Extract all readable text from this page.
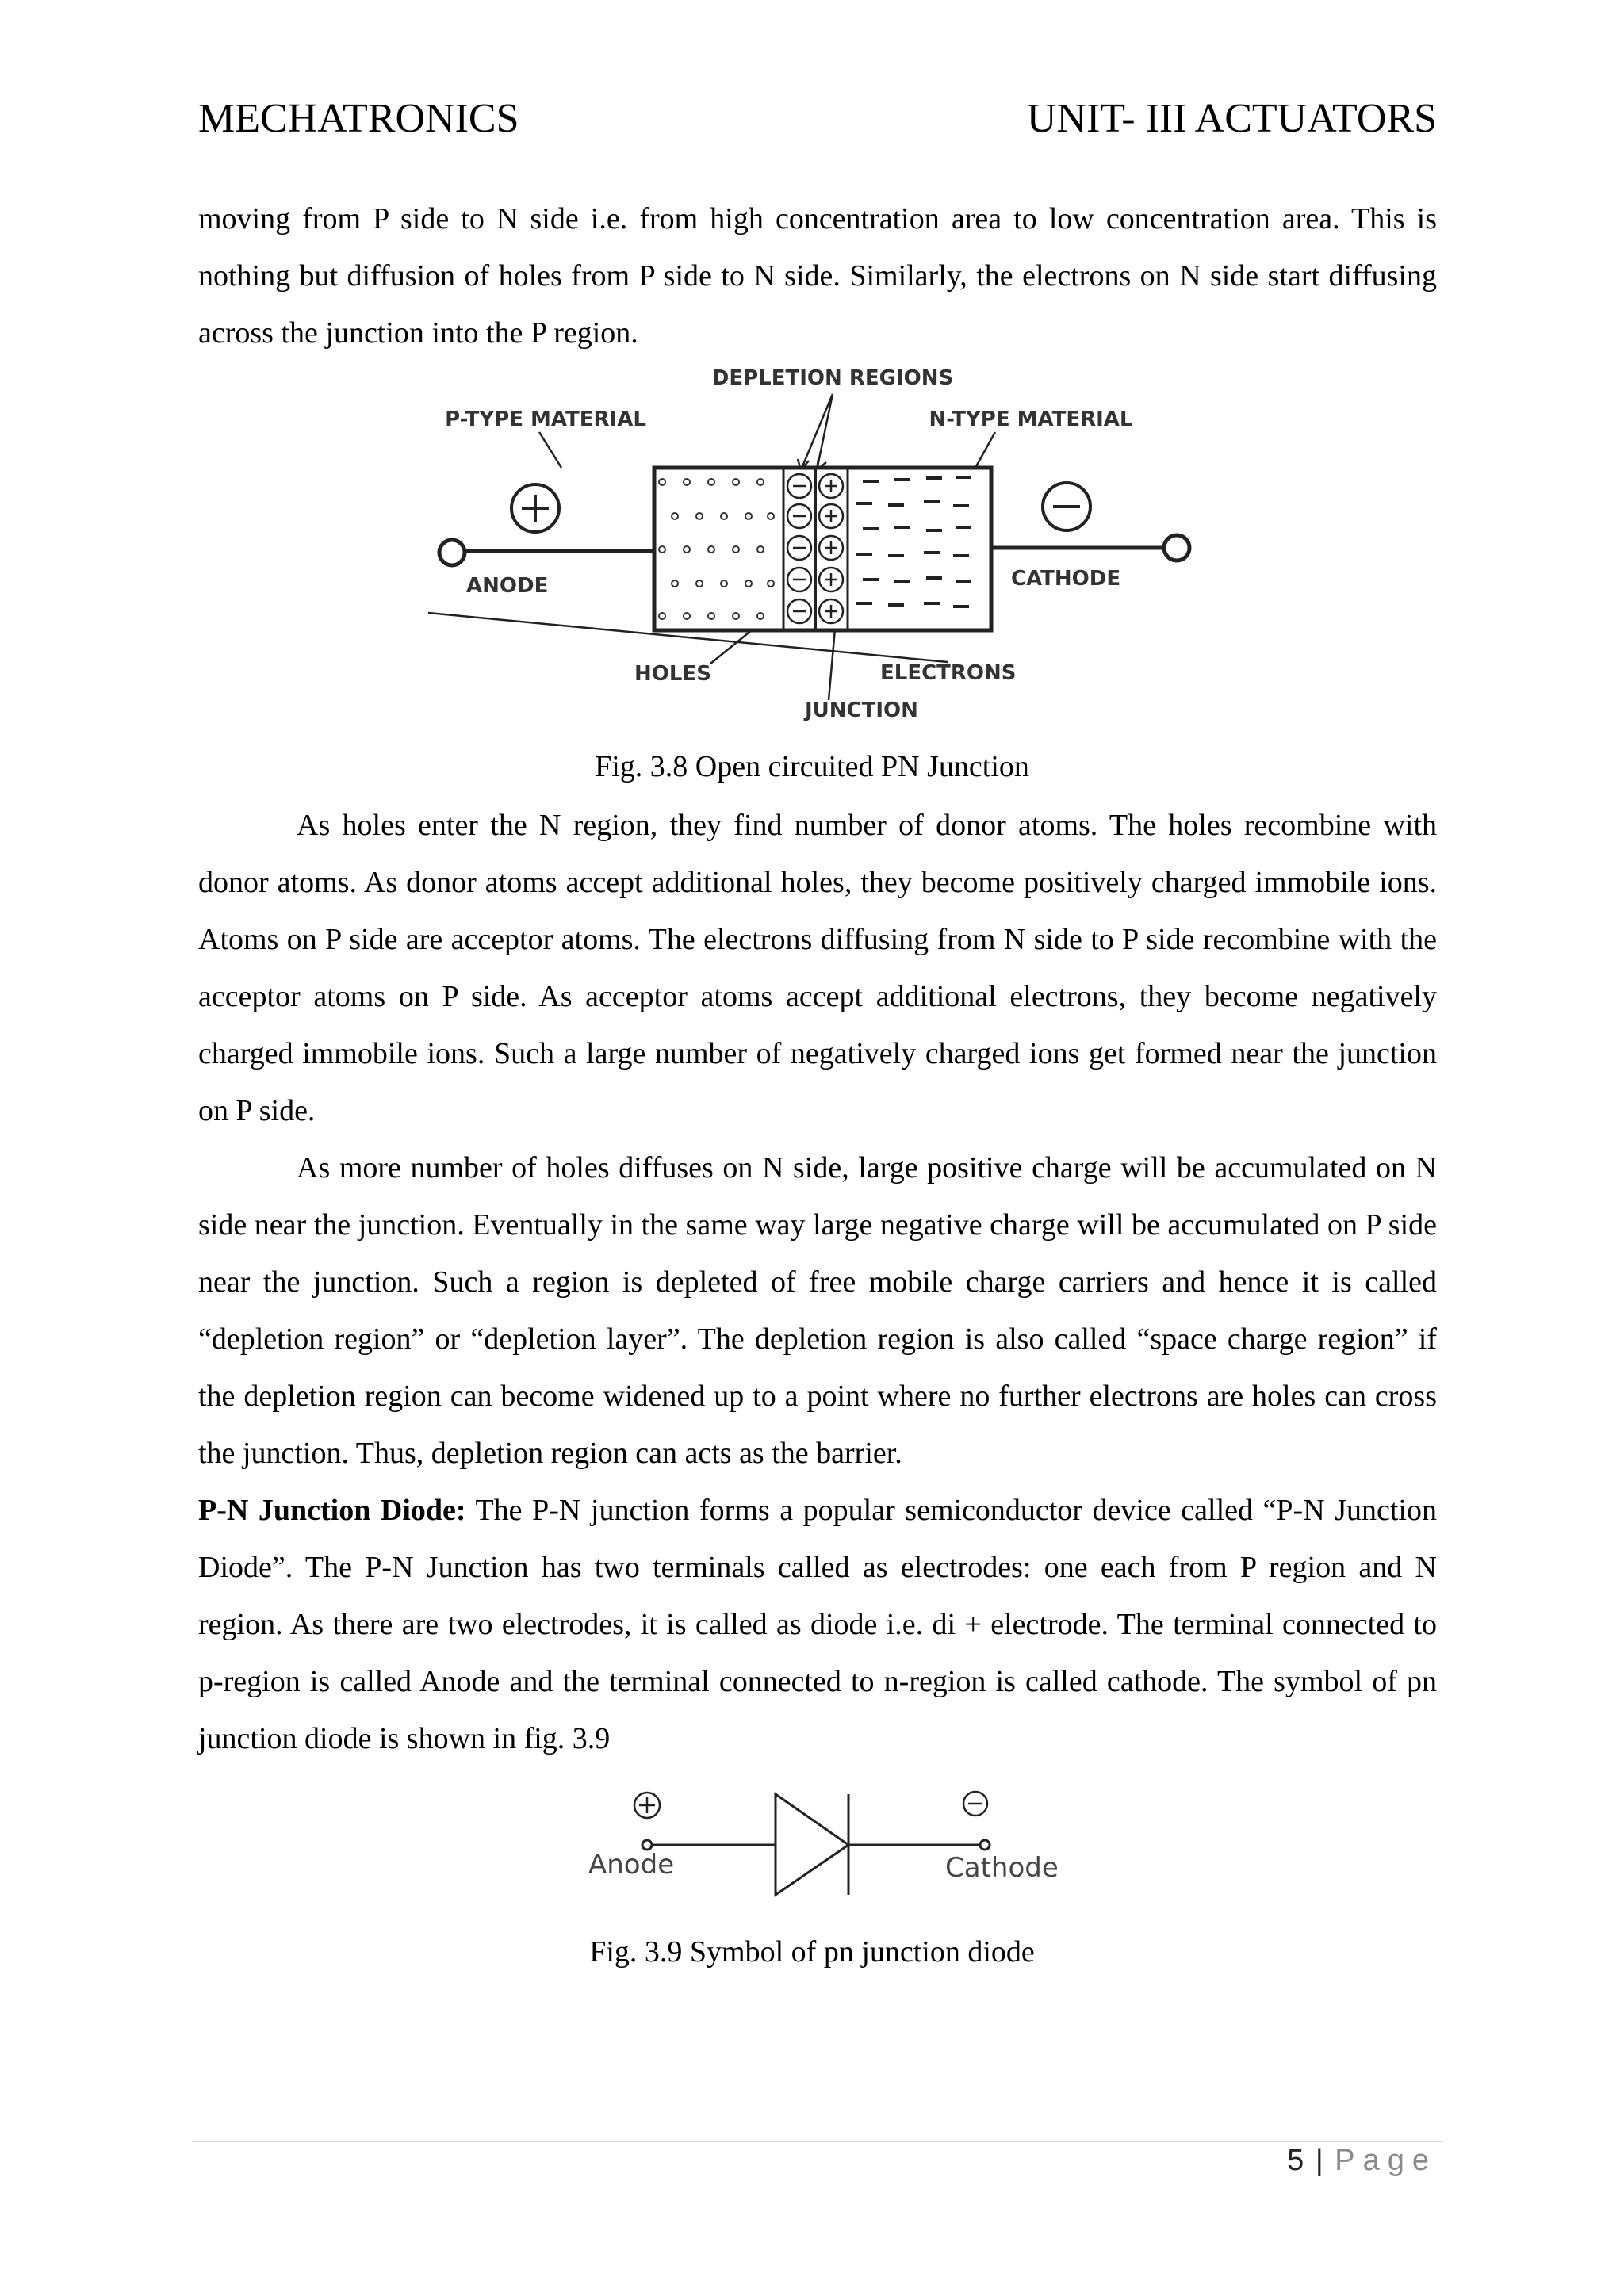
MECHATRONICS	UNIT- III ACTUATORS

moving from P side to N side i.e. from high concentration area to low concentration area. This is nothing but diffusion of holes from P side to N side. Similarly, the electrons on N side start diffusing across the junction into the P region.

DEPLETION REGIONS
P-TYPE MATERIAL	N-TYPE MATERIAL
ANODE	CATHODE
HOLES
JUNCTION
ELECTRONS
Fig. 3.8 Open circuited PN Junction

As holes enter the N region, they find number of donor atoms. The holes recombine with donor atoms. As donor atoms accept additional holes, they become positively charged immobile ions. Atoms on P side are acceptor atoms. The electrons diffusing from N side to P side recombine with the acceptor atoms on P side. As acceptor atoms accept additional electrons, they become negatively charged immobile ions. Such a large number of negatively charged ions get formed near the junction on P side.

As more number of holes diffuses on N side, large positive charge will be accumulated on N side near the junction. Eventually in the same way large negative charge will be accumulated on P side near the junction. Such a region is depleted of free mobile charge carriers and hence it is called “depletion region” or “depletion layer”. The depletion region is also called “space charge region” if the depletion region can become widened up to a point where no further electrons are holes can cross the junction. Thus, depletion region can acts as the barrier.

P-N Junction Diode: The P-N junction forms a popular semiconductor device called “P-N Junction Diode”. The P-N Junction has two terminals called as electrodes: one each from P region and N region. As there are two electrodes, it is called as diode i.e. di + electrode. The terminal connected to p-region is called Anode and the terminal connected to n-region is called cathode. The symbol of pn junction diode is shown in fig. 3.9

Anode	Cathode
Fig. 3.9 Symbol of pn junction diode
5 | Page
